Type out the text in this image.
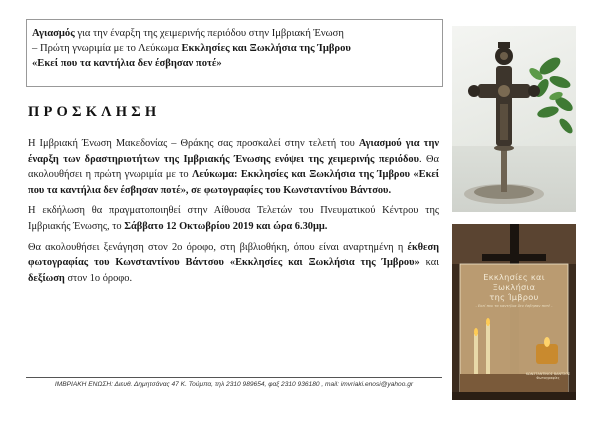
Αγιασμός για την έναρξη της χειμερινής περιόδου στην Ιμβριακή Ένωση
– Πρώτη γνωριμία με το Λεύκωμα Εκκλησίες και Ξωκλήσια της Ίμβρου
«Εκεί που τα καντήλια δεν έσβησαν ποτέ»
ΠΡΟΣΚΛΗΣΗ

Η Ιμβριακή Ένωση Μακεδονίας – Θράκης σας προσκαλεί στην τελετή του Αγιασμού για την έναρξη των δραστηριοτήτων της Ιμβριακής Ένωσης ενόψει της χειμερινής περιόδου. Θα ακολουθήσει η πρώτη γνωριμία με το Λεύκωμα: Εκκλησίες και Ξωκλήσια της Ίμβρου «Εκεί που τα καντήλια δεν έσβησαν ποτέ», σε φωτογραφίες του Κωνσταντίνου Βάντσου.

Η εκδήλωση θα πραγματοποιηθεί στην Αίθουσα Τελετών του Πνευματικού Κέντρου της Ιμβριακής Ένωσης, το Σάββατο 12 Οκτωβρίου 2019 και ώρα 6.30μμ.

Θα ακολουθήσει ξενάγηση στον 2ο όροφο, στη βιβλιοθήκη, όπου είναι αναρτημένη η έκθεση φωτογραφίας του Κωνσταντίνου Βάντσου «Εκκλησίες και Ξωκλήσια της Ίμβρου» και δεξίωση στον 1ο όροφο.

ΙΜΒΡΙΑΚΗ ΕΝΩΣΗ: Διευθ. Δημητσάνας 47 Κ. Τούμπα, τηλ 2310 989654, φαξ 2310 936180 , mail: imvriaki.enosi@yahoo.gr
Εκκλησίες και Ξωκλήσια
της Ίμβρου
- Εκεί που τα καντήλια δεν έσβησαν ποτέ -
ΚΩΝΣΤΑΝΤΙΝΟΣ ΒΑΝΤΣΟΣ
Φωτογραφίες
